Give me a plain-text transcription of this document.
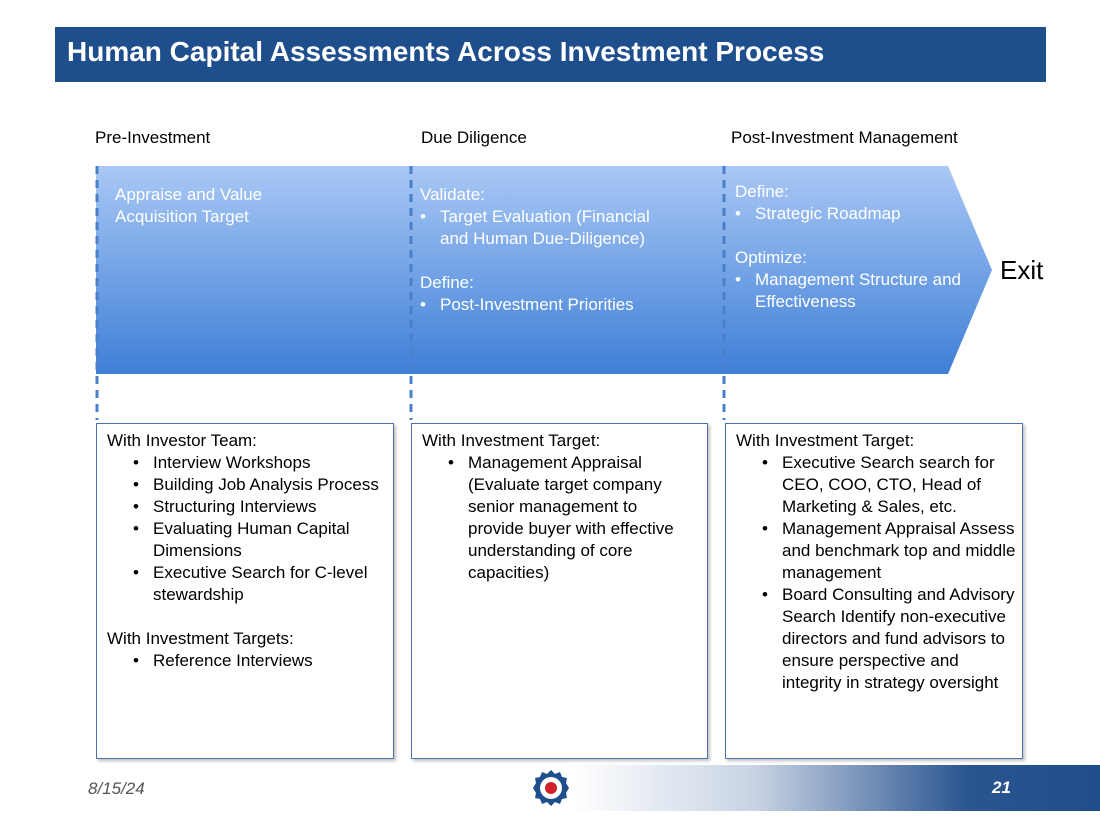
Human Capital Assessments Across Investment Process
Pre-Investment	Due Diligence	Post-Investment Management

Appraise and Value Acquisition Target

Validate:

• Target Evaluation (Financial and Human Due-Diligence)

Define:

• Post-Investment Priorities

Define:

• Strategic Roadmap

Optimize:

• Management Structure and Effectiveness
Exit

With Investor Team:

• Interview Workshops
• Building Job Analysis Process
• Structuring Interviews
• Evaluating Human Capital Dimensions
• Executive Search for C-level stewardship

With Investment Targets:

• Reference Interviews

With Investment Target:

• Management Appraisal (Evaluate target company senior management to provide buyer with effective understanding of core capacities)

With Investment Target:

• Executive Search search for CEO, COO, CTO, Head of Marketing & Sales, etc.
• Management Appraisal Assess and benchmark top and middle management
• Board Consulting and Advisory Search Identify non-executive directors and fund advisors to ensure perspective and integrity in strategy oversight
8/15/24	21
